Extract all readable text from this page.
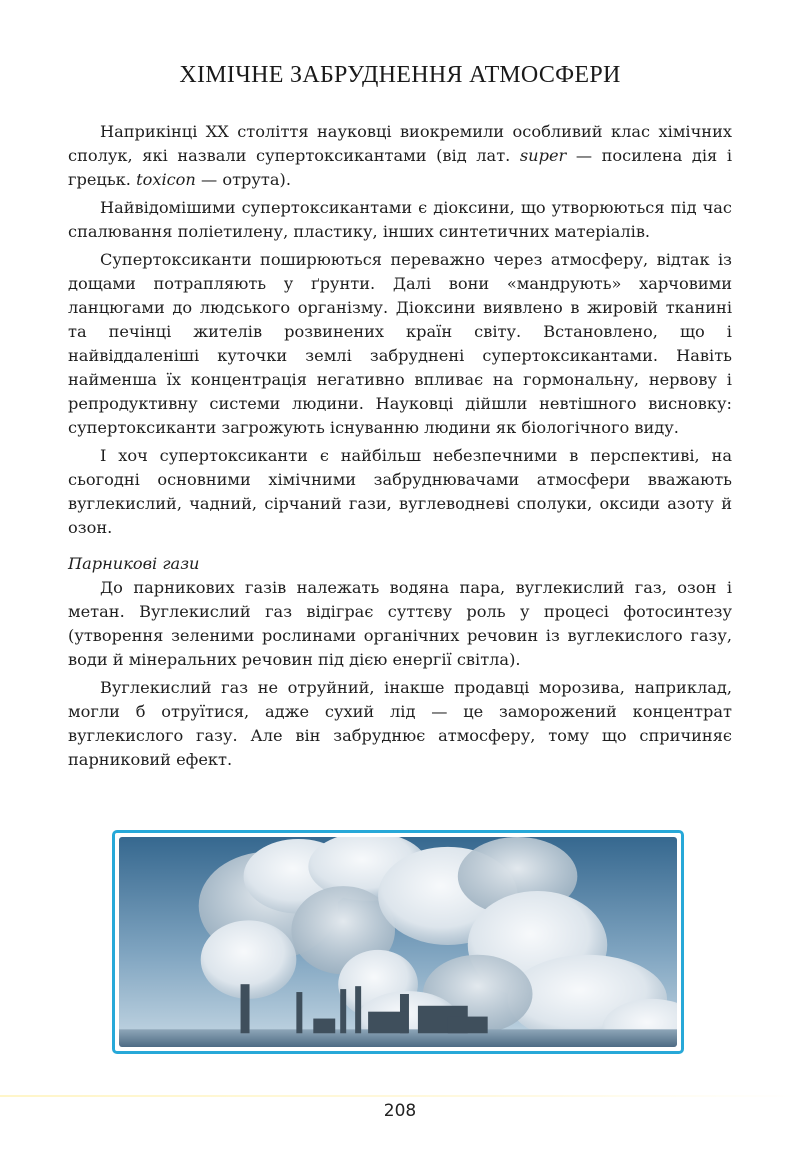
ХІМІЧНЕ ЗАБРУДНЕННЯ АТМОСФЕРИ

Наприкінці XX століття науковці виокремили особливий клас хімічних сполук, які назвали супертоксикантами (від лат. super — посилена дія і грецьк. toxicon — отрута).

Найвідомішими супертоксикантами є діоксини, що утворюються під час спалювання поліетилену, пластику, інших синтетичних матеріалів.

Супертоксиканти поширюються переважно через атмосферу, відтак із дощами потрапляють у ґрунти. Далі вони «мандрують» харчовими ланцюгами до людського організму. Діоксини виявлено в жировій тканині та печінці жителів розвинених країн світу. Встановлено, що і найвіддаленіші куточки землі забруднені супертоксикантами. Навіть найменша їх концентрація негативно впливає на гормональну, нервову і репродуктивну системи людини. Науковці дійшли невтішного висновку: супертоксиканти загрожують існуванню людини як біологічного виду.

І хоч супертоксиканти є найбільш небезпечними в перспективі, на сьогодні основними хімічними забруднювачами атмосфери вважають вуглекислий, чадний, сірчаний гази, вуглеводневі сполуки, оксиди азоту й озон.

Парникові гази

До парникових газів належать водяна пара, вуглекислий газ, озон і метан. Вуглекислий газ відіграє суттєву роль у процесі фотосинтезу (утворення зеленими рослинами органічних речовин із вуглекислого газу, води й мінеральних речовин під дією енергії світла).

Вуглекислий газ не отруйний, інакше продавці морозива, наприклад, могли б отруїтися, адже сухий лід — це заморожений концентрат вуглекислого газу. Але він забруднює атмосферу, тому що спричиняє парниковий ефект.

208
